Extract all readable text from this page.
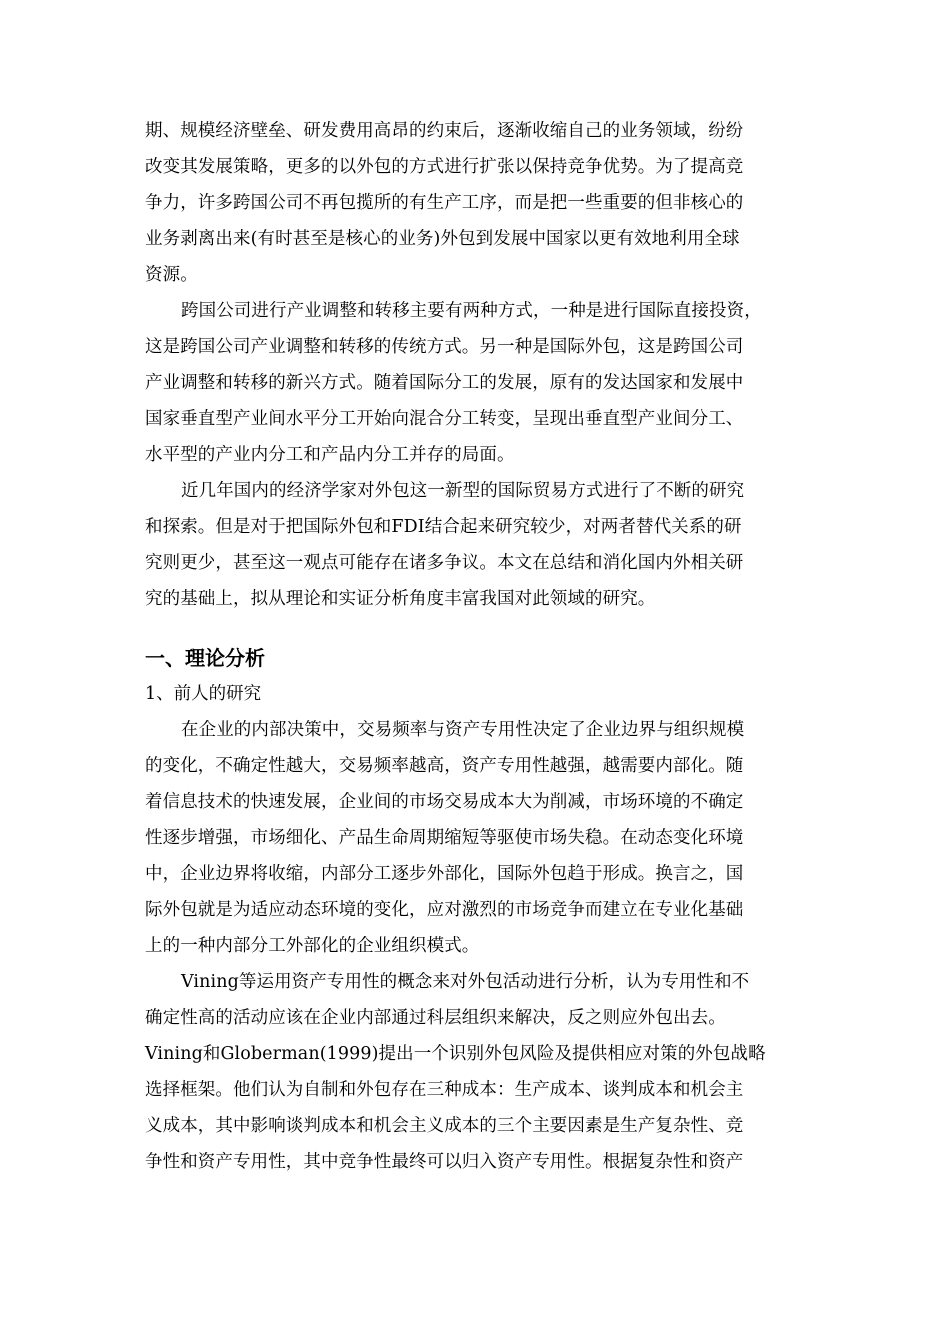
期、规模经济壁垒、研发费用高昂的约束后，逐渐收缩自己的业务领域，纷纷
改变其发展策略，更多的以外包的方式进行扩张以保持竞争优势。为了提高竞
争力，许多跨国公司不再包揽所的有生产工序，而是把一些重要的但非核心的
业务剥离出来(有时甚至是核心的业务)外包到发展中国家以更有效地利用全球
资源。
跨国公司进行产业调整和转移主要有两种方式，一种是进行国际直接投资，
这是跨国公司产业调整和转移的传统方式。另一种是国际外包，这是跨国公司
产业调整和转移的新兴方式。随着国际分工的发展，原有的发达国家和发展中
国家垂直型产业间水平分工开始向混合分工转变，呈现出垂直型产业间分工、
水平型的产业内分工和产品内分工并存的局面。
近几年国内的经济学家对外包这一新型的国际贸易方式进行了不断的研究
和探索。但是对于把国际外包和FDI结合起来研究较少，对两者替代关系的研
究则更少，甚至这一观点可能存在诸多争议。本文在总结和消化国内外相关研
究的基础上，拟从理论和实证分析角度丰富我国对此领域的研究。
一、理论分析
1、前人的研究
在企业的内部决策中，交易频率与资产专用性决定了企业边界与组织规模
的变化，不确定性越大，交易频率越高，资产专用性越强，越需要内部化。随
着信息技术的快速发展，企业间的市场交易成本大为削减，市场环境的不确定
性逐步增强，市场细化、产品生命周期缩短等驱使市场失稳。在动态变化环境
中，企业边界将收缩，内部分工逐步外部化，国际外包趋于形成。换言之，国
际外包就是为适应动态环境的变化，应对激烈的市场竞争而建立在专业化基础
上的一种内部分工外部化的企业组织模式。
Vining等运用资产专用性的概念来对外包活动进行分析，认为专用性和不
确定性高的活动应该在企业内部通过科层组织来解决，反之则应外包出去。
Vining和Globerman(1999)提出一个识别外包风险及提供相应对策的外包战略
选择框架。他们认为自制和外包存在三种成本：生产成本、谈判成本和机会主
义成本，其中影响谈判成本和机会主义成本的三个主要因素是生产复杂性、竞
争性和资产专用性，其中竞争性最终可以归入资产专用性。根据复杂性和资产
